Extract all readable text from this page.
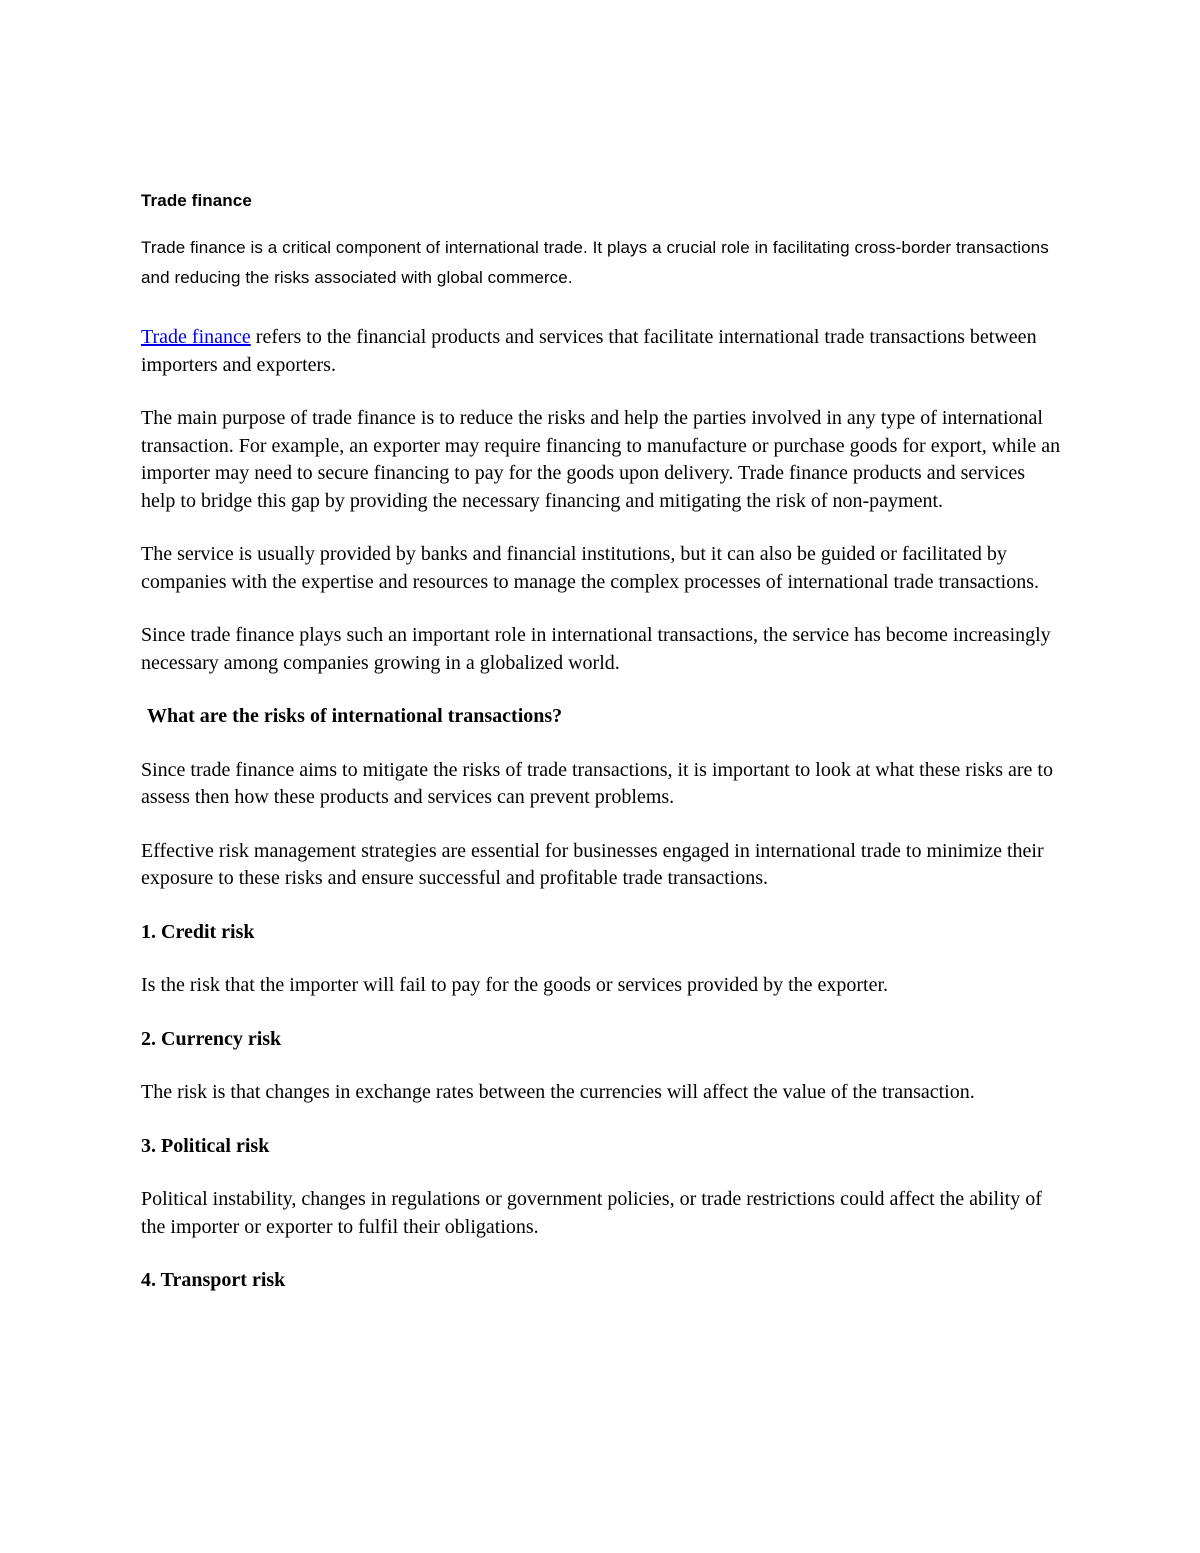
Trade finance

Trade finance is a critical component of international trade. It plays a crucial role in facilitating cross-border transactions and reducing the risks associated with global commerce.

Trade finance refers to the financial products and services that facilitate international trade transactions between importers and exporters.

The main purpose of trade finance is to reduce the risks and help the parties involved in any type of international transaction. For example, an exporter may require financing to manufacture or purchase goods for export, while an importer may need to secure financing to pay for the goods upon delivery. Trade finance products and services help to bridge this gap by providing the necessary financing and mitigating the risk of non-payment.

The service is usually provided by banks and financial institutions, but it can also be guided or facilitated by companies with the expertise and resources to manage the complex processes of international trade transactions.

Since trade finance plays such an important role in international transactions, the service has become increasingly necessary among companies growing in a globalized world.

What are the risks of international transactions?

Since trade finance aims to mitigate the risks of trade transactions, it is important to look at what these risks are to assess then how these products and services can prevent problems.

Effective risk management strategies are essential for businesses engaged in international trade to minimize their exposure to these risks and ensure successful and profitable trade transactions.

1. Credit risk

Is the risk that the importer will fail to pay for the goods or services provided by the exporter.

2. Currency risk

The risk is that changes in exchange rates between the currencies will affect the value of the transaction.

3. Political risk

Political instability, changes in regulations or government policies, or trade restrictions could affect the ability of the importer or exporter to fulfil their obligations.

4. Transport risk
